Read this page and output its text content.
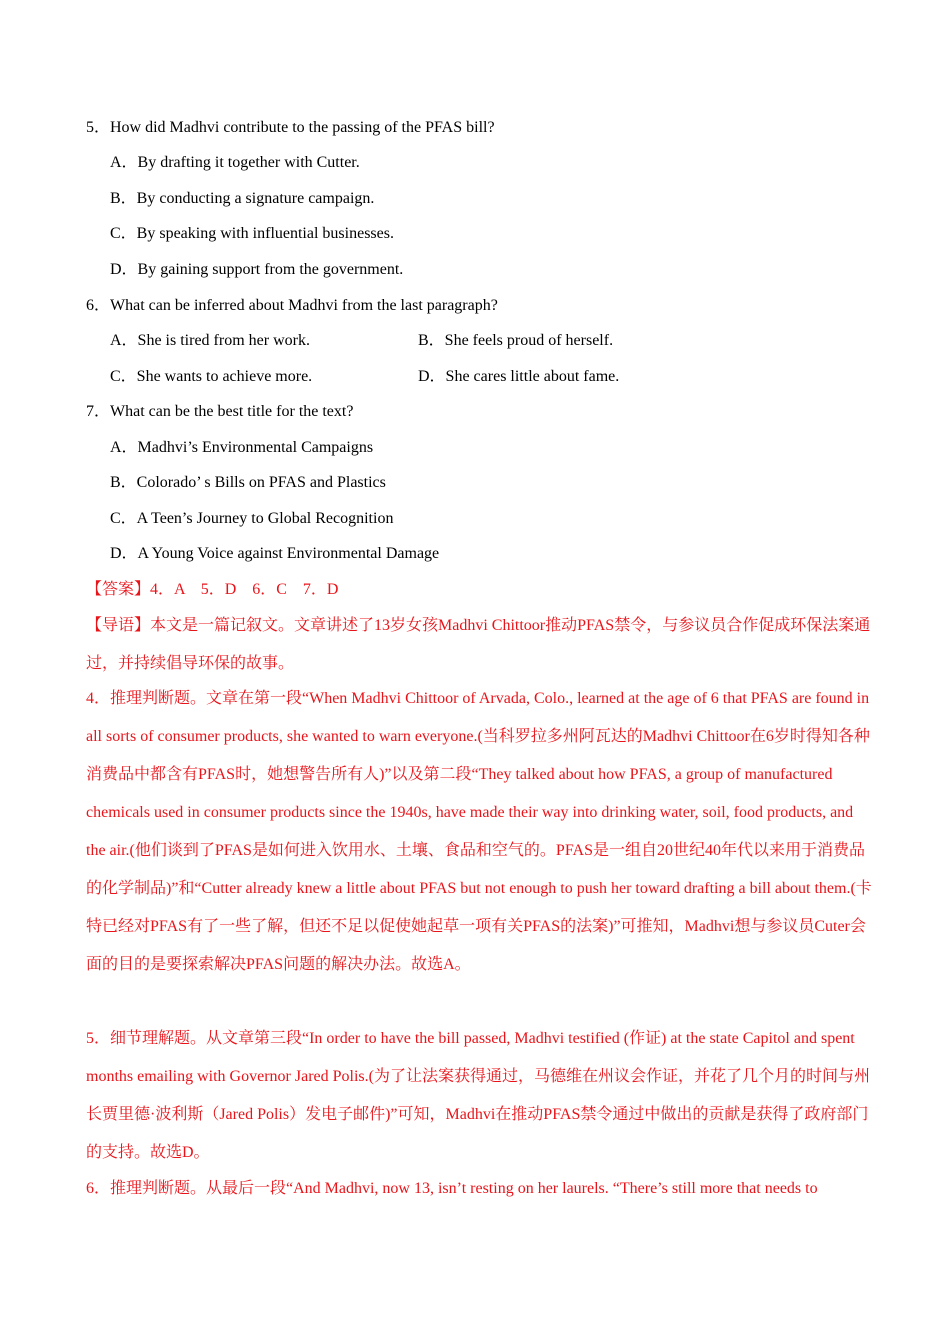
5．How did Madhvi contribute to the passing of the PFAS bill?
A．By drafting it together with Cutter.
B．By conducting a signature campaign.
C．By speaking with influential businesses.
D．By gaining support from the government.
6．What can be inferred about Madhvi from the last paragraph?
A．She is tired from her work.	B．She feels proud of herself.
C．She wants to achieve more.	D．She cares little about fame.
7．What can be the best title for the text?
A．Madhvi’s Environmental Campaigns
B．Colorado’ s Bills on PFAS and Plastics
C．A Teen’s Journey to Global Recognition
D．A Young Voice against Environmental Damage
【答案】4．A　5．D　6．C　7．D
【导语】本文是一篇记叙文。文章讲述了13岁女孩Madhvi Chittoor推动PFAS禁令，与参议员合作促成环保法案通过，并持续倡导环保的故事。
4．推理判断题。文章在第一段“When Madhvi Chittoor of Arvada, Colo., learned at the age of 6 that PFAS are found in all sorts of consumer products, she wanted to warn everyone.(当科罗拉多州阿瓦达的Madhvi Chittoor在6岁时得知各种消费品中都含有PFAS时，她想警告所有人)”以及第二段“They talked about how PFAS, a group of manufactured chemicals used in consumer products since the 1940s, have made their way into drinking water, soil, food products, and the air.(他们谈到了PFAS是如何进入饮用水、土壤、食品和空气的。PFAS是一组自20世纪40年代以来用于消费品的化学制品)”和“Cutter already knew a little about PFAS but not enough to push her toward drafting a bill about them.(卡特已经对PFAS有了一些了解，但还不足以促使她起草一项有关PFAS的法案)”可推知，Madhvi想与参议员Cuter会面的目的是要探索解决PFAS问题的解决办法。故选A。
5．细节理解题。从文章第三段“In order to have the bill passed, Madhvi testified (作证) at the state Capitol and spent months emailing with Governor Jared Polis.(为了让法案获得通过，马德维在州议会作证，并花了几个月的时间与州长贾里德·波利斯（Jared Polis）发电子邮件)”可知，Madhvi在推动PFAS禁令通过中做出的贡献是获得了政府部门的支持。故选D。
6．推理判断题。从最后一段“And Madhvi, now 13, isn’t resting on her laurels. “There’s still more that needs to
